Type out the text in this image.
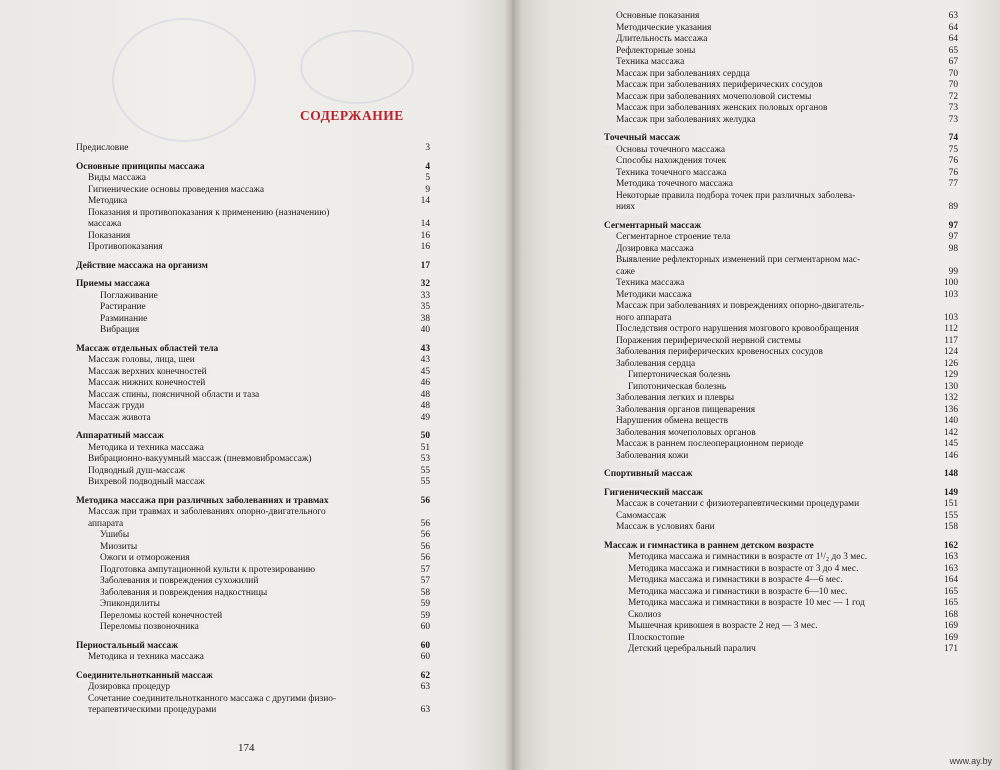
СОДЕРЖАНИЕ
Предисловие	3
Основные принципы массажа	4
Виды массажа	5
Гигиенические основы проведения массажа	9
Методика	14
Показания и противопоказания к применению (назначению)
массажа	14
Показания	16
Противопоказания	16
Действие массажа на организм	17
Приемы массажа	32
Поглаживание	33
Растирание	35
Разминание	38
Вибрация	40
Массаж отдельных областей тела	43
Массаж головы, лица, шеи	43
Массаж верхних конечностей	45
Массаж нижних конечностей	46
Массаж спины, поясничной области и таза	48
Массаж груди	48
Массаж живота	49
Аппаратный массаж	50
Методика и техника массажа	51
Вибрационно-вакуумный массаж (пневмовибромассаж)	53
Подводный душ-массаж	55
Вихревой подводный массаж	55
Методика массажа при различных заболеваниях и травмах	56
Массаж при травмах и заболеваниях опорно-двигательного
аппарата	56
Ушибы	56
Миозиты	56
Ожоги и отморожения	56
Подготовка ампутационной культи к протезированию	57
Заболевания и повреждения сухожилий	57
Заболевания и повреждения надкостницы	58
Эпикондилиты	59
Переломы костей конечностей	59
Переломы позвоночника	60
Периостальный массаж	60
Методика и техника массажа	60
Соединительнотканный массаж	62
Дозировка процедур	63
Сочетание соединительнотканного массажа с другими физио-
терапевтическими процедурами	63
174
Основные показания	63
Методические указания	64
Длительность массажа	64
Рефлекторные зоны	65
Техника массажа	67
Массаж при заболеваниях сердца	70
Массаж при заболеваниях периферических сосудов	70
Массаж при заболеваниях мочеполовой системы	72
Массаж при заболеваниях женских половых органов	73
Массаж при заболеваниях желудка	73
Точечный массаж	74
Основы точечного массажа	75
Способы нахождения точек	76
Техника точечного массажа	76
Методика точечного массажа	77
Некоторые правила подбора точек при различных заболева-
ниях	89
Сегментарный массаж	97
Сегментарное строение тела	97
Дозировка массажа	98
Выявление рефлекторных изменений при сегментарном мас-
саже	99
Техника массажа	100
Методики массажа	103
Массаж при заболеваниях и повреждениях опорно-двигатель-
ного аппарата	103
Последствия острого нарушения мозгового кровообращения	112
Поражения периферической нервной системы	117
Заболевания периферических кровеносных сосудов	124
Заболевания сердца	126
Гипертоническая болезнь	129
Гипотоническая болезнь	130
Заболевания легких и плевры	132
Заболевания органов пищеварения	136
Нарушения обмена веществ	140
Заболевания мочеполовых органов	142
Массаж в раннем послеоперационном периоде	145
Заболевания кожи	146
Спортивный массаж	148
Гигиенический массаж	149
Массаж в сочетании с физиотерапевтическими процедурами	151
Самомассаж	155
Массаж в условиях бани	158
Массаж и гимнастика в раннем детском возрасте	162
Методика массажа и гимнастики в возрасте от 1¹/₂ до 3 мес.	163
Методика массажа и гимнастики в возрасте от 3 до 4 мес.	163
Методика массажа и гимнастики в возрасте 4—6 мес.	164
Методика массажа и гимнастики в возрасте 6—10 мес.	165
Методика массажа и гимнастики в возрасте 10 мес — 1 год	165
Сколиоз	168
Мышечная кривошея в возрасте 2 нед — 3 мес.	169
Плоскостопие	169
Детский церебральный паралич	171
www.ay.by
